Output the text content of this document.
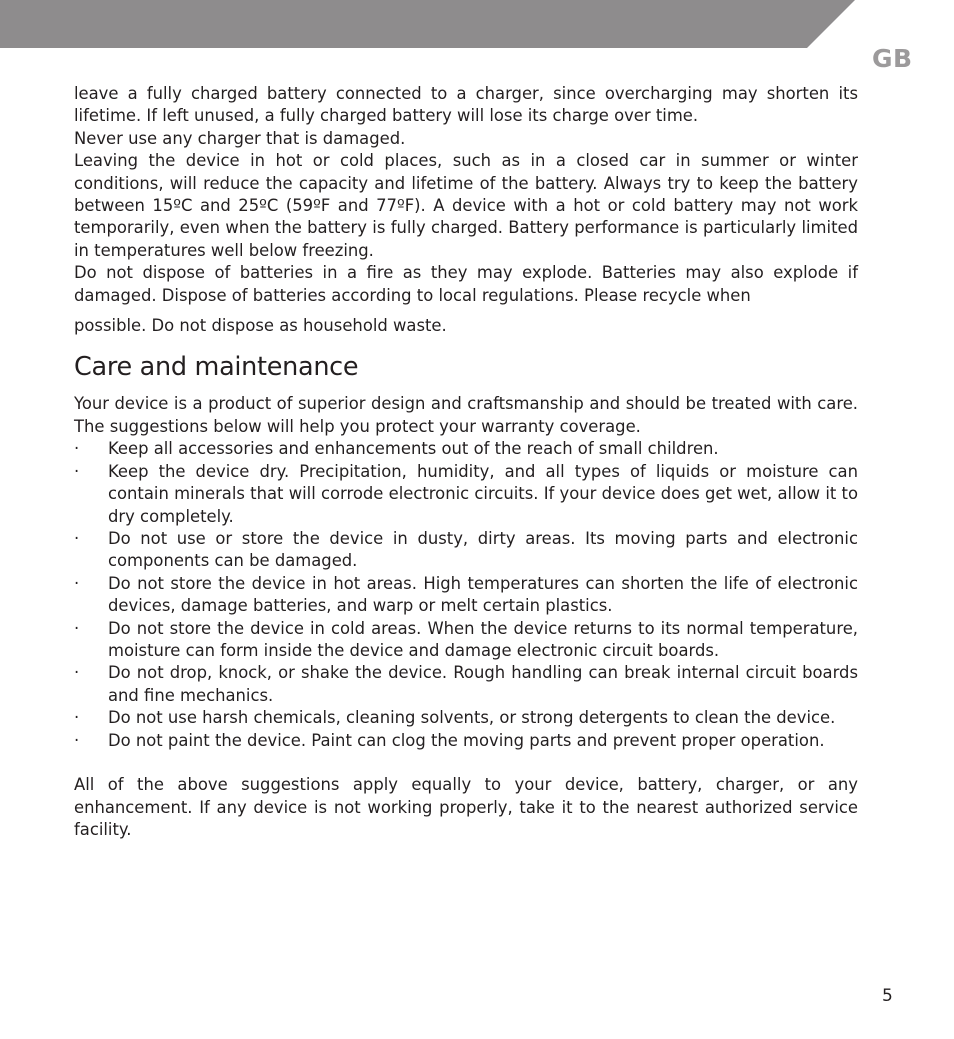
GB

leave a fully charged battery connected to a charger, since overcharging may shorten its lifetime. If left unused, a fully charged battery will lose its charge over time.

Never use any charger that is damaged.

Leaving the device in hot or cold places, such as in a closed car in summer or winter conditions, will reduce the capacity and lifetime of the battery. Always try to keep the battery between 15ºC and 25ºC (59ºF and 77ºF). A device with a hot or cold battery may not work temporarily, even when the battery is fully charged. Battery performance is particularly limited in temperatures well below freezing.

Do not dispose of batteries in a fire as they may explode. Batteries may also explode if damaged. Dispose of batteries according to local regulations. Please recycle when

possible. Do not dispose as household waste.

Care and maintenance

Your device is a product of superior design and craftsmanship and should be treated with care. The suggestions below will help you protect your warranty coverage.

· Keep all accessories and enhancements out of the reach of small children.
· Keep the device dry. Precipitation, humidity, and all types of liquids or moisture can contain minerals that will corrode electronic circuits. If your device does get wet, allow it to dry completely.
· Do not use or store the device in dusty, dirty areas. Its moving parts and electronic components can be damaged.
· Do not store the device in hot areas. High temperatures can shorten the life of electronic devices, damage batteries, and warp or melt certain plastics.
· Do not store the device in cold areas. When the device returns to its normal temperature, moisture can form inside the device and damage electronic circuit boards.
· Do not drop, knock, or shake the device. Rough handling can break internal circuit boards and fine mechanics.
· Do not use harsh chemicals, cleaning solvents, or strong detergents to clean the device.
· Do not paint the device. Paint can clog the moving parts and prevent proper operation.

All of the above suggestions apply equally to your device, battery, charger, or any enhancement. If any device is not working properly, take it to the nearest authorized service facility.

5
